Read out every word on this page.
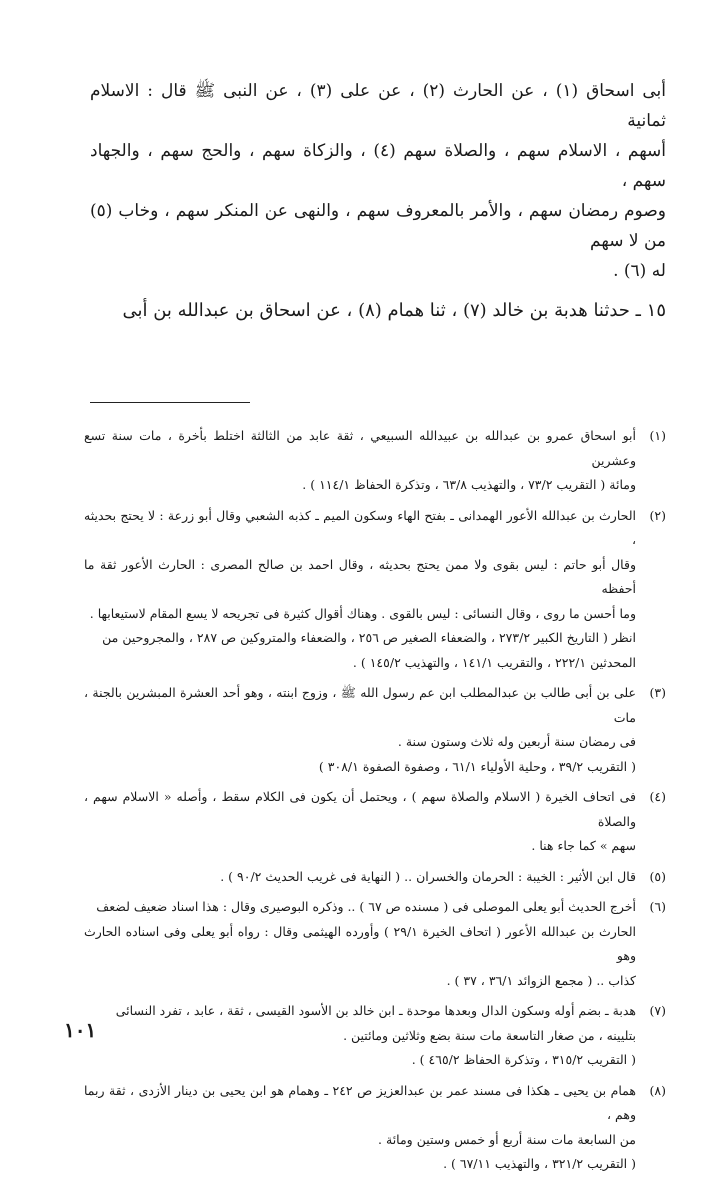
أبى اسحاق (١) ، عن الحارث (٢) ، عن على (٣) ، عن النبى ﷺ قال : الاسلام ثمانية

أسهم ، الاسلام سهم ، والصلاة سهم (٤) ، والزكاة سهم ، والحج سهم ، والجهاد سهم ،

وصوم رمضان سهم ، والأمر بالمعروف سهم ، والنهى عن المنكر سهم ، وخاب (٥) من لا سهم

له (٦) .

١٥ ـ حدثنا هدبة بن خالد (٧) ، ثنا همام (٨) ، عن اسحاق بن عبدالله بن أبى

(١)
أبو اسحاق عمرو بن عبدالله بن عبيدالله السبيعي ، ثقة عابد من الثالثة اختلط بأخرة ، مات سنة تسع وعشرين
ومائة ( التقريب ٧٣/٢ ، والتهذيب ٦٣/٨ ، وتذكرة الحفاظ ١١٤/١ ) .
(٢)
الحارث بن عبدالله الأعور الهمدانى ـ بفتح الهاء وسكون الميم ـ كذبه الشعبي وقال أبو زرعة : لا يحتج بحديثه ،
وقال أبو حاتم : ليس بقوى ولا ممن يحتج بحديثه ، وقال احمد بن صالح المصرى : الحارث الأعور ثقة ما أحفظه
وما أحسن ما روى ، وقال النسائى : ليس بالقوى . وهناك أقوال كثيرة فى تجريحه لا يسع المقام لاستيعابها .
انظر ( التاريخ الكبير ٢٧٣/٢ ، والضعفاء الصغير ص ٢٥٦ ، والضعفاء والمتروكين ص ٢٨٧ ، والمجروحين من
المحدثين ٢٢٢/١ ، والتقريب ١٤١/١ ، والتهذيب ١٤٥/٢ ) .
(٣)
على بن أبى طالب بن عبدالمطلب ابن عم رسول الله ﷺ ، وزوج ابنته ، وهو أحد العشرة المبشرين بالجنة ، مات
فى رمضان سنة أربعين وله ثلاث وستون سنة .
( التقريب ٣٩/٢ ، وحلية الأولياء ٦١/١ ، وصفوة الصفوة ٣٠٨/١ )
(٤)
فى اتحاف الخيرة ( الاسلام والصلاة سهم ) ، ويحتمل أن يكون فى الكلام سقط ، وأصله « الاسلام سهم ، والصلاة
سهم » كما جاء هنا .
(٥)
قال ابن الأثير : الخيبة : الحرمان والخسران .. ( النهاية فى غريب الحديث ٩٠/٢ ) .
(٦)
أخرج الحديث أبو يعلى الموصلى فى ( مسنده ص ٦٧ ) .. وذكره البوصيرى وقال : هذا اسناد ضعيف لضعف
الحارث بن عبدالله الأعور ( اتحاف الخيرة ٢٩/١ ) وأورده الهيثمى وقال : رواه أبو يعلى وفى اسناده الحارث وهو
كذاب .. ( مجمع الزوائد ٣٦/١ ، ٣٧ ) .
(٧)
هدبة ـ بضم أوله وسكون الدال وبعدها موحدة ـ ابن خالد بن الأسود القيسى ، ثقة ، عابد ، تفرد النسائى
بتليينه ، من صغار التاسعة مات سنة بضع وثلاثين ومائتين .
( التقريب ٣١٥/٢ ، وتذكرة الحفاظ ٤٦٥/٢ ) .
(٨)
همام بن يحيى ـ هكذا فى مسند عمر بن عبدالعزيز ص ٢٤٢ ـ وهمام هو ابن يحيى بن دينار الأزدى ، ثقة ربما وهم ،
من السابعة مات سنة أربع أو خمس وستين ومائة .
( التقريب ٣٢١/٢ ، والتهذيب ٦٧/١١ ) .
١٠١
